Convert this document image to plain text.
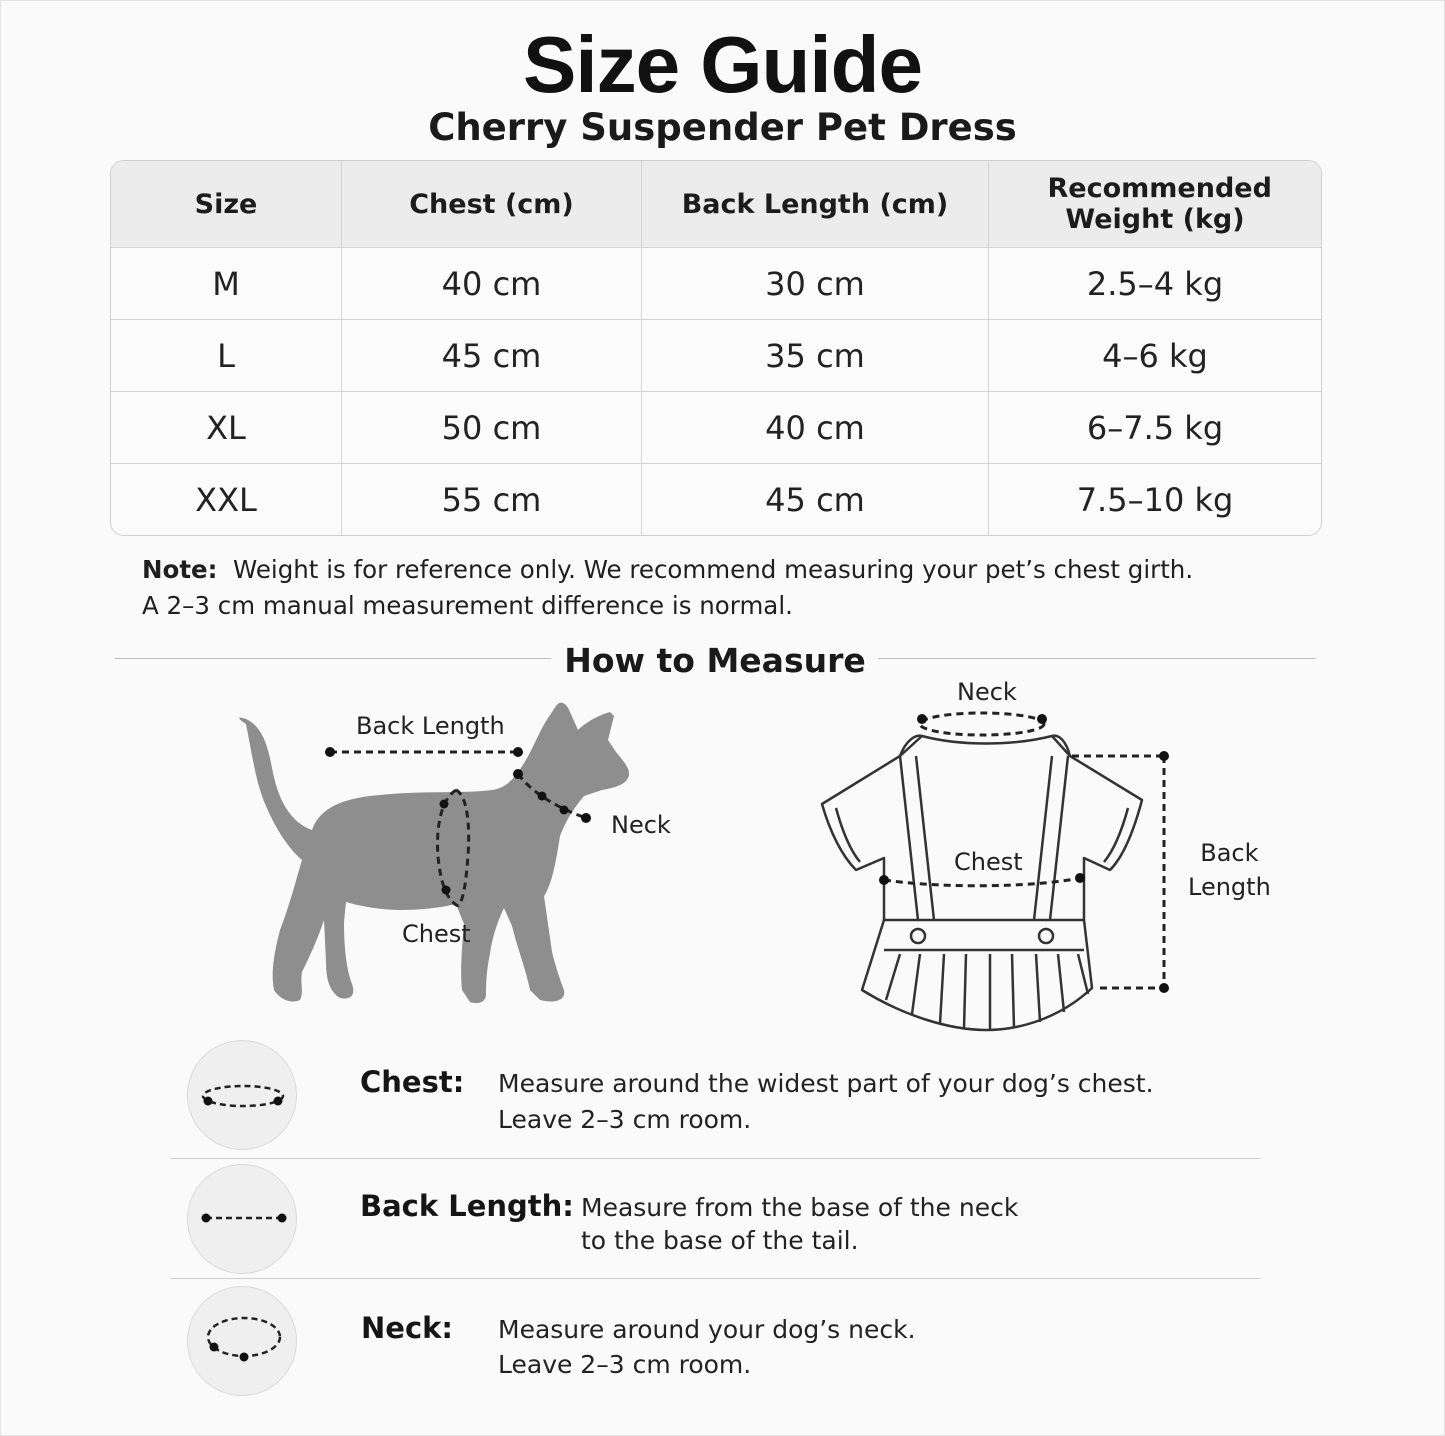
Size Guide
Cherry Suspender Pet Dress
Size	Chest (cm)	Back Length (cm)	Recommended Weight (kg)
M	40 cm	30 cm	2.5–4 kg
L	45 cm	35 cm	4–6 kg
XL	50 cm	40 cm	6–7.5 kg
XXL	55 cm	45 cm	7.5–10 kg
Note: Weight is for reference only. We recommend measuring your pet’s chest girth.
A 2–3 cm manual measurement difference is normal.
How to Measure
Back Length
Neck
Chest
Neck
Chest	Back
Length
Chest: Measure around the widest part of your dog’s chest.
Leave 2–3 cm room.
Back Length: Measure from the base of the neck
to the base of the tail.
Neck: Measure around your dog’s neck.
Leave 2–3 cm room.
